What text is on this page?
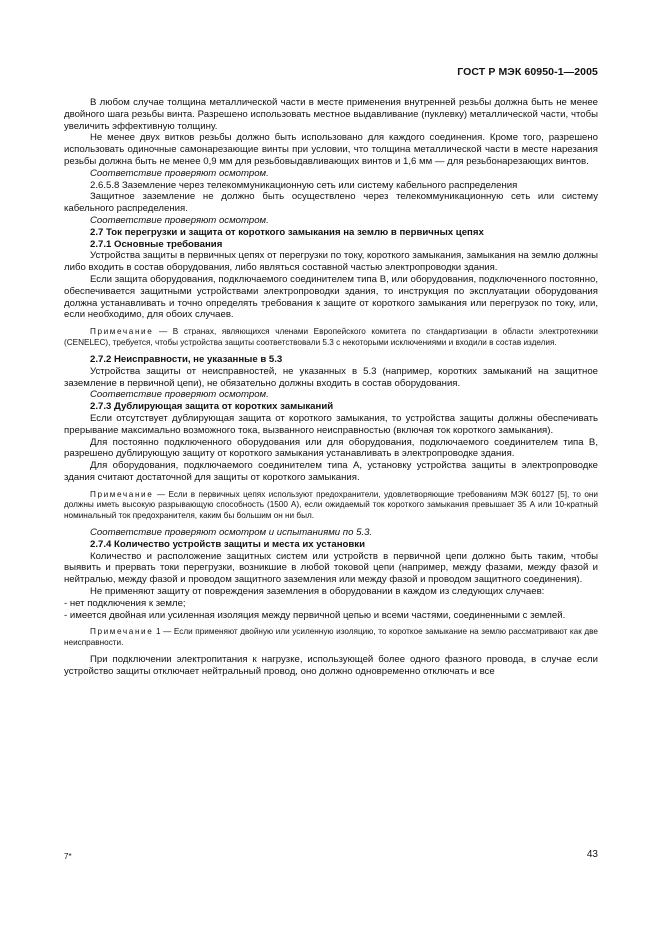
ГОСТ Р МЭК 60950-1—2005

В любом случае толщина металлической части в месте применения внутренней резьбы должна быть не менее двойного шага резьбы винта. Разрешено использовать местное выдавливание (пуклевку) металлической части, чтобы увеличить эффективную толщину.

Не менее двух витков резьбы должно быть использовано для каждого соединения. Кроме того, разрешено использовать одиночные самонарезающие винты при условии, что толщина металлической части в месте нарезания резьбы должна быть не менее 0,9 мм для резьбовыдавливающих винтов и 1,6 мм — для резьбонарезающих винтов.

Соответствие проверяют осмотром.

2.6.5.8 Заземление через телекоммуникационную сеть или систему кабельного распределения

Защитное заземление не должно быть осуществлено через телекоммуникационную сеть или систему кабельного распределения.

Соответствие проверяют осмотром.

2.7 Ток перегрузки и защита от короткого замыкания на землю в первичных цепях

2.7.1 Основные требования

Устройства защиты в первичных цепях от перегрузки по току, короткого замыкания, замыкания на землю должны либо входить в состав оборудования, либо являться составной частью электропроводки здания.

Если защита оборудования, подключаемого соединителем типа В, или оборудования, подключенного постоянно, обеспечивается защитными устройствами электропроводки здания, то инструкция по эксплуатации оборудования должна устанавливать и точно определять требования к защите от короткого замыкания или перегрузок по току, или, если необходимо, для обоих случаев.

Примечание — В странах, являющихся членами Европейского комитета по стандартизации в области электротехники (CENELEC), требуется, чтобы устройства защиты соответствовали 5.3 с некоторыми исключениями и входили в состав изделия.

2.7.2 Неисправности, не указанные в 5.3

Устройства защиты от неисправностей, не указанных в 5.3 (например, коротких замыканий на защитное заземление в первичной цепи), не обязательно должны входить в состав оборудования.

Соответствие проверяют осмотром.

2.7.3 Дублирующая защита от коротких замыканий

Если отсутствует дублирующая защита от короткого замыкания, то устройства защиты должны обеспечивать прерывание максимально возможного тока, вызванного неисправностью (включая ток короткого замыкания).

Для постоянно подключенного оборудования или для оборудования, подключаемого соединителем типа В, разрешено дублирующую защиту от короткого замыкания устанавливать в электропроводке здания.

Для оборудования, подключаемого соединителем типа А, установку устройства защиты в электропроводке здания считают достаточной для защиты от короткого замыкания.

Примечание — Если в первичных цепях используют предохранители, удовлетворяющие требованиям МЭК 60127 [5], то они должны иметь высокую разрывающую способность (1500 А), если ожидаемый ток короткого замыкания превышает 35 А или 10-кратный номинальный ток предохранителя, каким бы большим он ни был.

Соответствие проверяют осмотром и испытаниями по 5.3.

2.7.4 Количество устройств защиты и места их установки

Количество и расположение защитных систем или устройств в первичной цепи должно быть таким, чтобы выявить и прервать токи перегрузки, возникшие в любой токовой цепи (например, между фазами, между фазой и нейтралью, между фазой и проводом защитного заземления или между фазой и проводом защитного соединения).

Не применяют защиту от повреждения заземления в оборудовании в каждом из следующих случаев:

- нет подключения к земле;

- имеется двойная или усиленная изоляция между первичной цепью и всеми частями, соединенными с землей.

Примечание 1 — Если применяют двойную или усиленную изоляцию, то короткое замыкание на землю рассматривают как две неисправности.

При подключении электропитания к нагрузке, использующей более одного фазного провода, в случае если устройство защиты отключает нейтральный провод, оно должно одновременно отключать и все

7*	43
